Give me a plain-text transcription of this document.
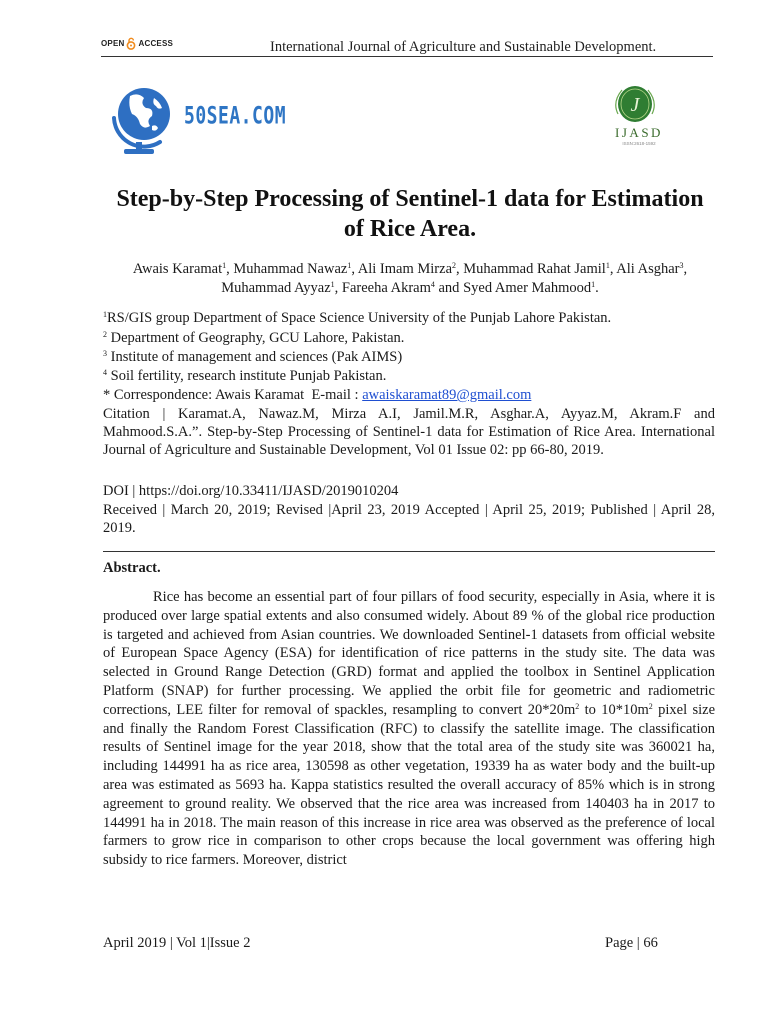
OPEN ACCESS	International Journal of Agriculture and Sustainable Development.
50SEA.COM	J
IJASD
ISSN:2618-1592
Step-by-Step Processing of Sentinel-1 data for Estimation of Rice Area.
Awais Karamat$^1$, Muhammad Nawaz$^1$, Ali Imam Mirza$^2$, Muhammad Rahat Jamil$^1$, Ali Asghar$^3$, Muhammad Ayyaz$^1$, Fareeha Akram$^4$ and Syed Amer Mahmood$^1$.
$^1$RS/GIS group Department of Space Science University of the Punjab Lahore Pakistan.
$^2$ Department of Geography, GCU Lahore, Pakistan.
$^3$ Institute of management and sciences (Pak AIMS)
$^4$ Soil fertility, research institute Punjab Pakistan.
* Correspondence: Awais Karamat  E-mail : awaiskaramat89@gmail.com
Citation | Karamat.A, Nawaz.M, Mirza A.I, Jamil.M.R, Asghar.A, Ayyaz.M, Akram.F and Mahmood.S.A.”. Step-by-Step Processing of Sentinel-1 data for Estimation of Rice Area. International Journal of Agriculture and Sustainable Development, Vol 01 Issue 02: pp 66-80, 2019.
DOI | https://doi.org/10.33411/IJASD/2019010204
Received | March 20, 2019; Revised |April 23, 2019 Accepted | April 25, 2019; Published | April 28, 2019.
Abstract.
Rice has become an essential part of four pillars of food security, especially in Asia, where it is produced over large spatial extents and also consumed widely. About 89 % of the global rice production is targeted and achieved from Asian countries. We downloaded Sentinel-1 datasets from official website of European Space Agency (ESA) for identification of rice patterns in the study site. The data was selected in Ground Range Detection (GRD) format and applied the toolbox in Sentinel Application Platform (SNAP) for further processing. We applied the orbit file for geometric and radiometric corrections, LEE filter for removal of spackles, resampling to convert $20*20m^2$ to $10*10m^2$ pixel size and finally the Random Forest Classification (RFC) to classify the satellite image. The classification results of Sentinel image for the year 2018, show that the total area of the study site was 360021 ha, including 144991 ha as rice area, 130598 as other vegetation, 19339 ha as water body and the built-up area was estimated as 5693 ha. Kappa statistics resulted the overall accuracy of 85% which is in strong agreement to ground reality. We observed that the rice area was increased from 140403 ha in 2017 to 144991 ha in 2018. The main reason of this increase in rice area was observed as the preference of local farmers to grow rice in comparison to other crops because the local government was offering high subsidy to rice farmers. Moreover, district
April 2019 | Vol 1|Issue 2	Page | 66
